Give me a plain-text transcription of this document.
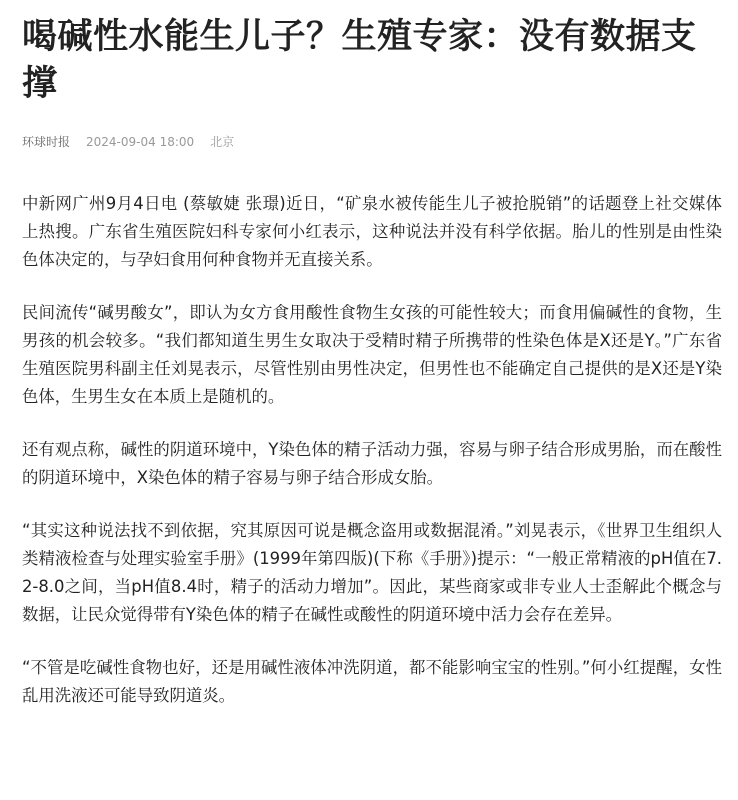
喝碱性水能生儿子？生殖专家：没有数据支撑
环球时报 2024-09-04 18:00 北京

中新网广州9月4日电 (蔡敏婕 张璟)近日，“矿泉水被传能生儿子被抢脱销”的话题登上社交媒体上热搜。广东省生殖医院妇科专家何小红表示，这种说法并没有科学依据。胎儿的性别是由性染色体决定的，与孕妇食用何种食物并无直接关系。

民间流传“碱男酸女”，即认为女方食用酸性食物生女孩的可能性较大；而食用偏碱性的食物，生男孩的机会较多。“我们都知道生男生女取决于受精时精子所携带的性染色体是X还是Y。”广东省生殖医院男科副主任刘晃表示，尽管性别由男性决定，但男性也不能确定自己提供的是X还是Y染色体，生男生女在本质上是随机的。

还有观点称，碱性的阴道环境中，Y染色体的精子活动力强，容易与卵子结合形成男胎，而在酸性的阴道环境中，X染色体的精子容易与卵子结合形成女胎。

“其实这种说法找不到依据，究其原因可说是概念盗用或数据混淆。”刘晃表示，《世界卫生组织人类精液检查与处理实验室手册》(1999年第四版)(下称《手册》)提示：“一般正常精液的pH值在7.2-8.0之间，当pH值8.4时，精子的活动力增加”。因此，某些商家或非专业人士歪解此个概念与数据，让民众觉得带有Y染色体的精子在碱性或酸性的阴道环境中活力会存在差异。

“不管是吃碱性食物也好，还是用碱性液体冲洗阴道，都不能影响宝宝的性别。”何小红提醒，女性乱用洗液还可能导致阴道炎。
